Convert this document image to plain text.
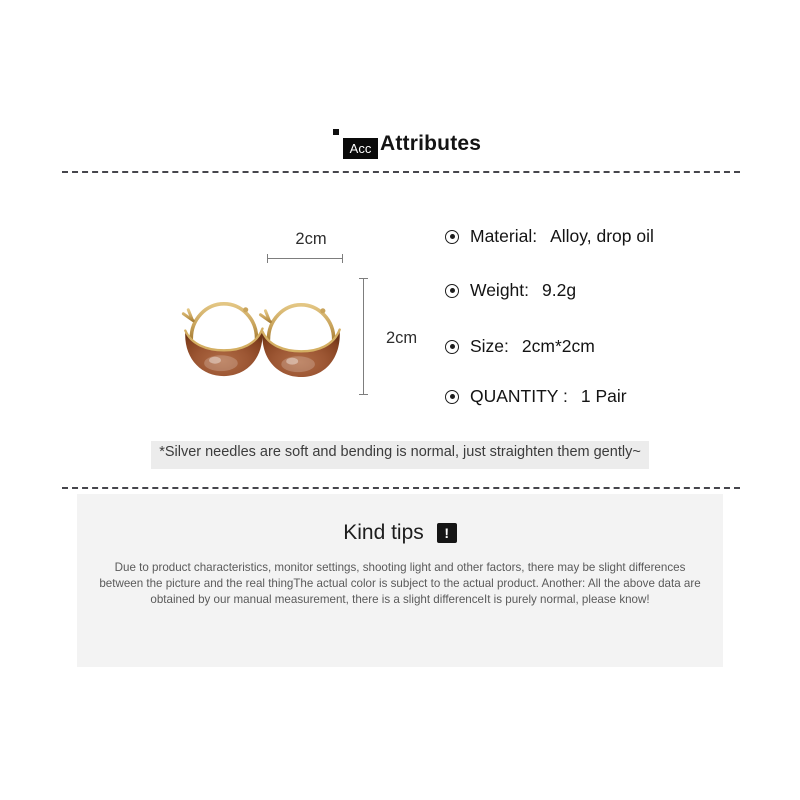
Acc Attributes
2cm
2cm
Material: Alloy, drop oil
Weight: 9.2g
Size: 2cm*2cm
QUANTITY : 1 Pair
*Silver needles are soft and bending is normal, just straighten them gently~
Kind tips	!
Due to product characteristics, monitor settings, shooting light and other factors, there may be slight differences between the picture and the real thingThe actual color is subject to the actual product. Another: All the above data are obtained by our manual measurement, there is a slight differenceIt is purely normal, please know!
